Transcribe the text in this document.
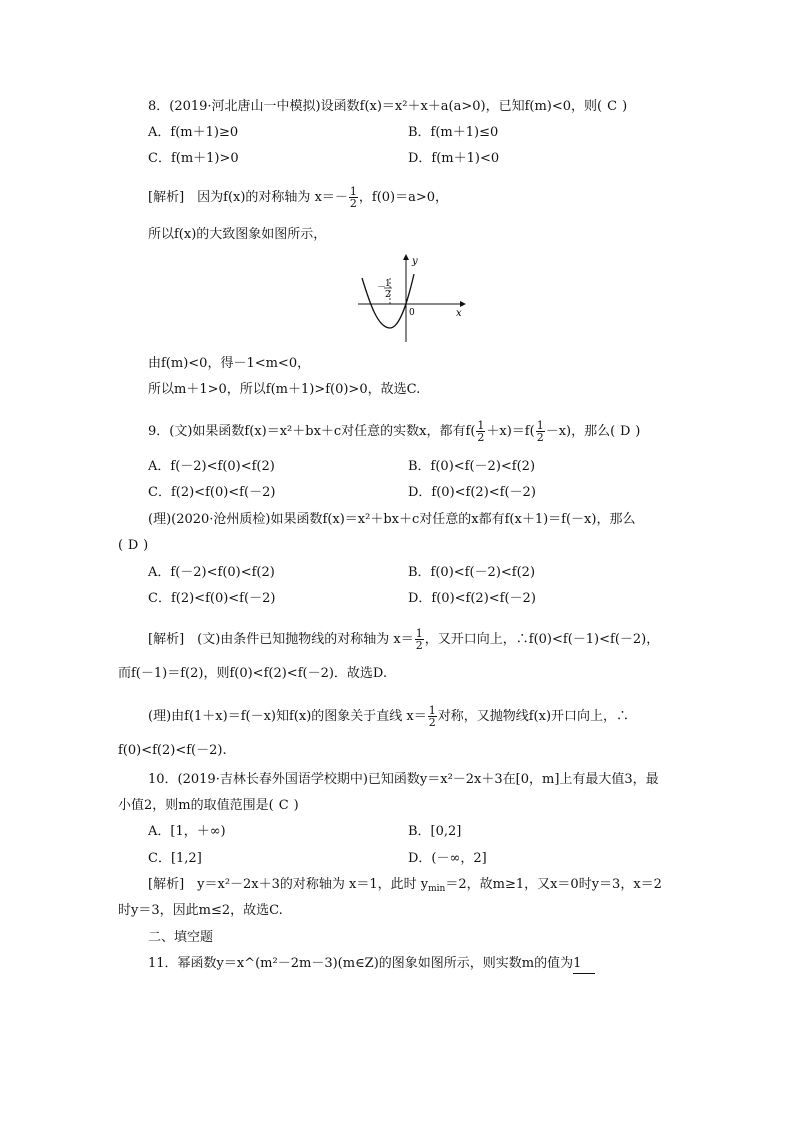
8．(2019·河北唐山一中模拟)设函数f(x)＝x²＋x＋a(a>0)，已知f(m)<0，则( C )
A．f(m＋1)≥0	B．f(m＋1)≤0
C．f(m＋1)>0	D．f(m＋1)<0
[解析]　因为f(x)的对称轴为 $x=- \frac{1}{2}$ ，f(0)＝a>0，
所以f(x)的大致图象如图所示，
y
x
0
－
1
2
由f(m)<0，得－1<m<0，
所以m＋1>0，所以f(m＋1)>f(0)>0，故选C.
9．(文)如果函数f(x)＝x²＋bx＋c对任意的实数x，都有$f( \frac{1}{2} +x)=f( \frac{1}{2} -x)$，那么( D )
A．f(－2)<f(0)<f(2)	B．f(0)<f(－2)<f(2)
C．f(2)<f(0)<f(－2)	D．f(0)<f(2)<f(－2)
(理)(2020·沧州质检)如果函数f(x)＝x²＋bx＋c对任意的x都有f(x＋1)＝f(－x)，那么
( D )
A．f(－2)<f(0)<f(2)	B．f(0)<f(－2)<f(2)
C．f(2)<f(0)<f(－2)	D．f(0)<f(2)<f(－2)
[解析]　(文)由条件已知抛物线的对称轴为 $x= \frac{1}{2}$ ，又开口向上，∴f(0)<f(－1)<f(－2)，
而f(－1)＝f(2)，则f(0)<f(2)<f(－2)．故选D.
(理)由f(1＋x)＝f(－x)知f(x)的图象关于直线 $x= \frac{1}{2}$ 对称，又抛物线f(x)开口向上，∴
f(0)<f(2)<f(－2).
10．(2019·吉林长春外国语学校期中)已知函数y＝x²－2x＋3在[0，m]上有最大值3，最
小值2，则m的取值范围是( C )
A．[1，＋∞)	B．[0,2]
C．[1,2]	D．(－∞，2]
[解析]　y＝x²－2x＋3的对称轴为 x＝1，此时 $y_{min}=2$，故m≥1，又x＝0时y＝3，x＝2
时y＝3，因此m≤2，故选C.
二、填空题
11．幂函数y＝x^(m²－2m－3)(m∈Z)的图象如图所示，则实数m的值为1
